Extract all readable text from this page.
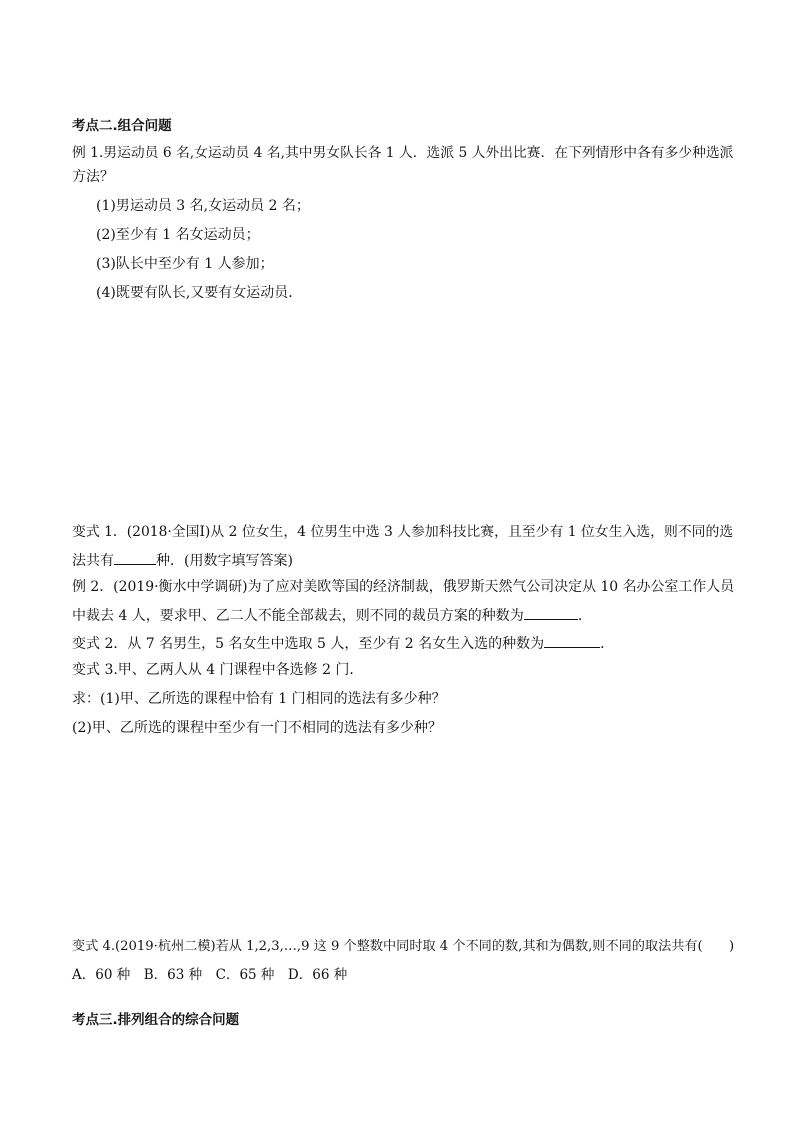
考点二.组合问题
例 1.男运动员 6 名,女运动员 4 名,其中男女队长各 1 人．选派 5 人外出比赛．在下列情形中各有多少种选派
方法？
(1)男运动员 3 名,女运动员 2 名；
(2)至少有 1 名女运动员；
(3)队长中至少有 1 人参加；
(4)既要有队长,又要有女运动员．
变式 1．(2018·全国Ⅰ)从 2 位女生，4 位男生中选 3 人参加科技比赛，且至少有 1 位女生入选，则不同的选
法共有	种．(用数字填写答案)
例 2．(2019·衡水中学调研)为了应对美欧等国的经济制裁，俄罗斯天然气公司决定从 10 名办公室工作人员
中裁去 4 人，要求甲、乙二人不能全部裁去，则不同的裁员方案的种数为	．
变式 2．从 7 名男生，5 名女生中选取 5 人，至少有 2 名女生入选的种数为	．
变式 3.甲、乙两人从 4 门课程中各选修 2 门．
求：(1)甲、乙所选的课程中恰有 1 门相同的选法有多少种？
(2)甲、乙所选的课程中至少有一门不相同的选法有多少种？
变式 4.(2019·杭州二模)若从 1,2,3,…,9 这 9 个整数中同时取 4 个不同的数,其和为偶数,则不同的取法共有(　　)
A．60 种　B．63 种　C．65 种　D．66 种
考点三.排列组合的综合问题
